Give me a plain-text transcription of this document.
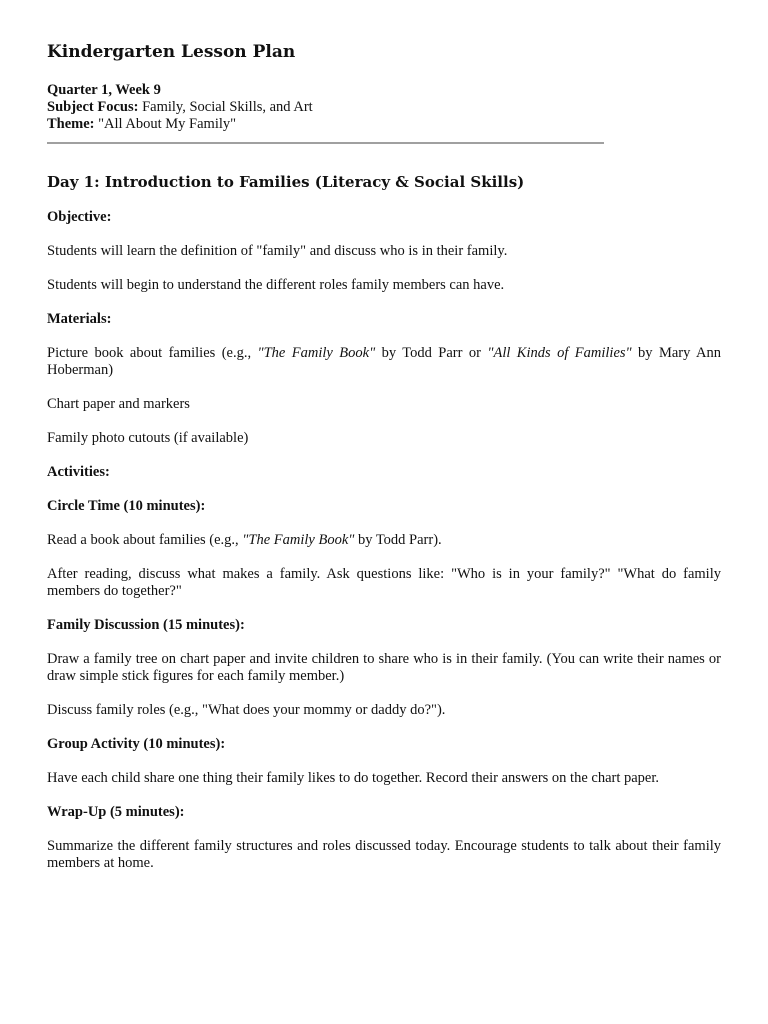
Kindergarten Lesson Plan
Quarter 1, Week 9
Subject Focus: Family, Social Skills, and Art
Theme: "All About My Family"
Day 1: Introduction to Families (Literacy & Social Skills)

Objective:

Students will learn the definition of "family" and discuss who is in their family.

Students will begin to understand the different roles family members can have.

Materials:

Picture book about families (e.g., "The Family Book" by Todd Parr or "All Kinds of Families" by Mary Ann Hoberman)

Chart paper and markers

Family photo cutouts (if available)

Activities:

Circle Time (10 minutes):

Read a book about families (e.g., "The Family Book" by Todd Parr).

After reading, discuss what makes a family. Ask questions like: "Who is in your family?" "What do family members do together?"

Family Discussion (15 minutes):

Draw a family tree on chart paper and invite children to share who is in their family. (You can write their names or draw simple stick figures for each family member.)

Discuss family roles (e.g., "What does your mommy or daddy do?").

Group Activity (10 minutes):

Have each child share one thing their family likes to do together. Record their answers on the chart paper.

Wrap-Up (5 minutes):

Summarize the different family structures and roles discussed today. Encourage students to talk about their family members at home.
